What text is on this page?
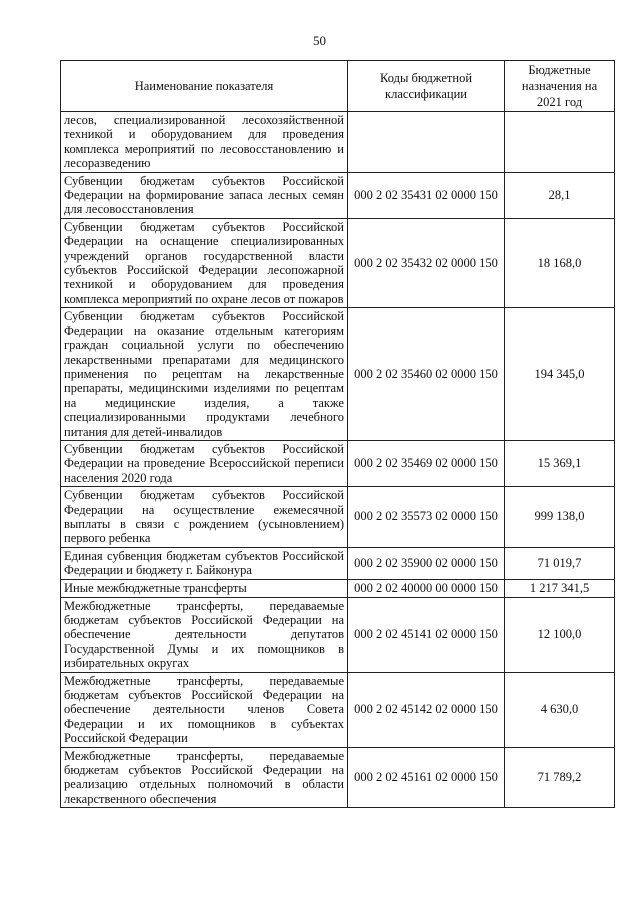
50
Наименование показателя	Коды бюджетной классификации	Бюджетные назначения на 2021 год
лесов, специализированной лесохозяйственной техникой и оборудованием для проведения комплекса мероприятий по лесовосстановлению и лесоразведению		
Субвенции бюджетам субъектов Российской Федерации на формирование запаса лесных семян для лесовосстановления	000 2 02 35431 02 0000 150	28,1
Субвенции бюджетам субъектов Российской Федерации на оснащение специализированных учреждений органов государственной власти субъектов Российской Федерации лесопожарной техникой и оборудованием для проведения комплекса мероприятий по охране лесов от пожаров	000 2 02 35432 02 0000 150	18 168,0
Субвенции бюджетам субъектов Российской Федерации на оказание отдельным категориям граждан социальной услуги по обеспечению лекарственными препаратами для медицинского применения по рецептам на лекарственные препараты, медицинскими изделиями по рецептам на медицинские изделия, а также специализированными продуктами лечебного питания для детей-инвалидов	000 2 02 35460 02 0000 150	194 345,0
Субвенции бюджетам субъектов Российской Федерации на проведение Всероссийской переписи населения 2020 года	000 2 02 35469 02 0000 150	15 369,1
Субвенции бюджетам субъектов Российской Федерации на осуществление ежемесячной выплаты в связи с рождением (усыновлением) первого ребенка	000 2 02 35573 02 0000 150	999 138,0
Единая субвенция бюджетам субъектов Российской Федерации и бюджету г. Байконура	000 2 02 35900 02 0000 150	71 019,7
Иные межбюджетные трансферты	000 2 02 40000 00 0000 150	1 217 341,5
Межбюджетные трансферты, передаваемые бюджетам субъектов Российской Федерации на обеспечение деятельности депутатов Государственной Думы и их помощников в избирательных округах	000 2 02 45141 02 0000 150	12 100,0
Межбюджетные трансферты, передаваемые бюджетам субъектов Российской Федерации на обеспечение деятельности членов Совета Федерации и их помощников в субъектах Российской Федерации	000 2 02 45142 02 0000 150	4 630,0
Межбюджетные трансферты, передаваемые бюджетам субъектов Российской Федерации на реализацию отдельных полномочий в области лекарственного обеспечения	000 2 02 45161 02 0000 150	71 789,2
